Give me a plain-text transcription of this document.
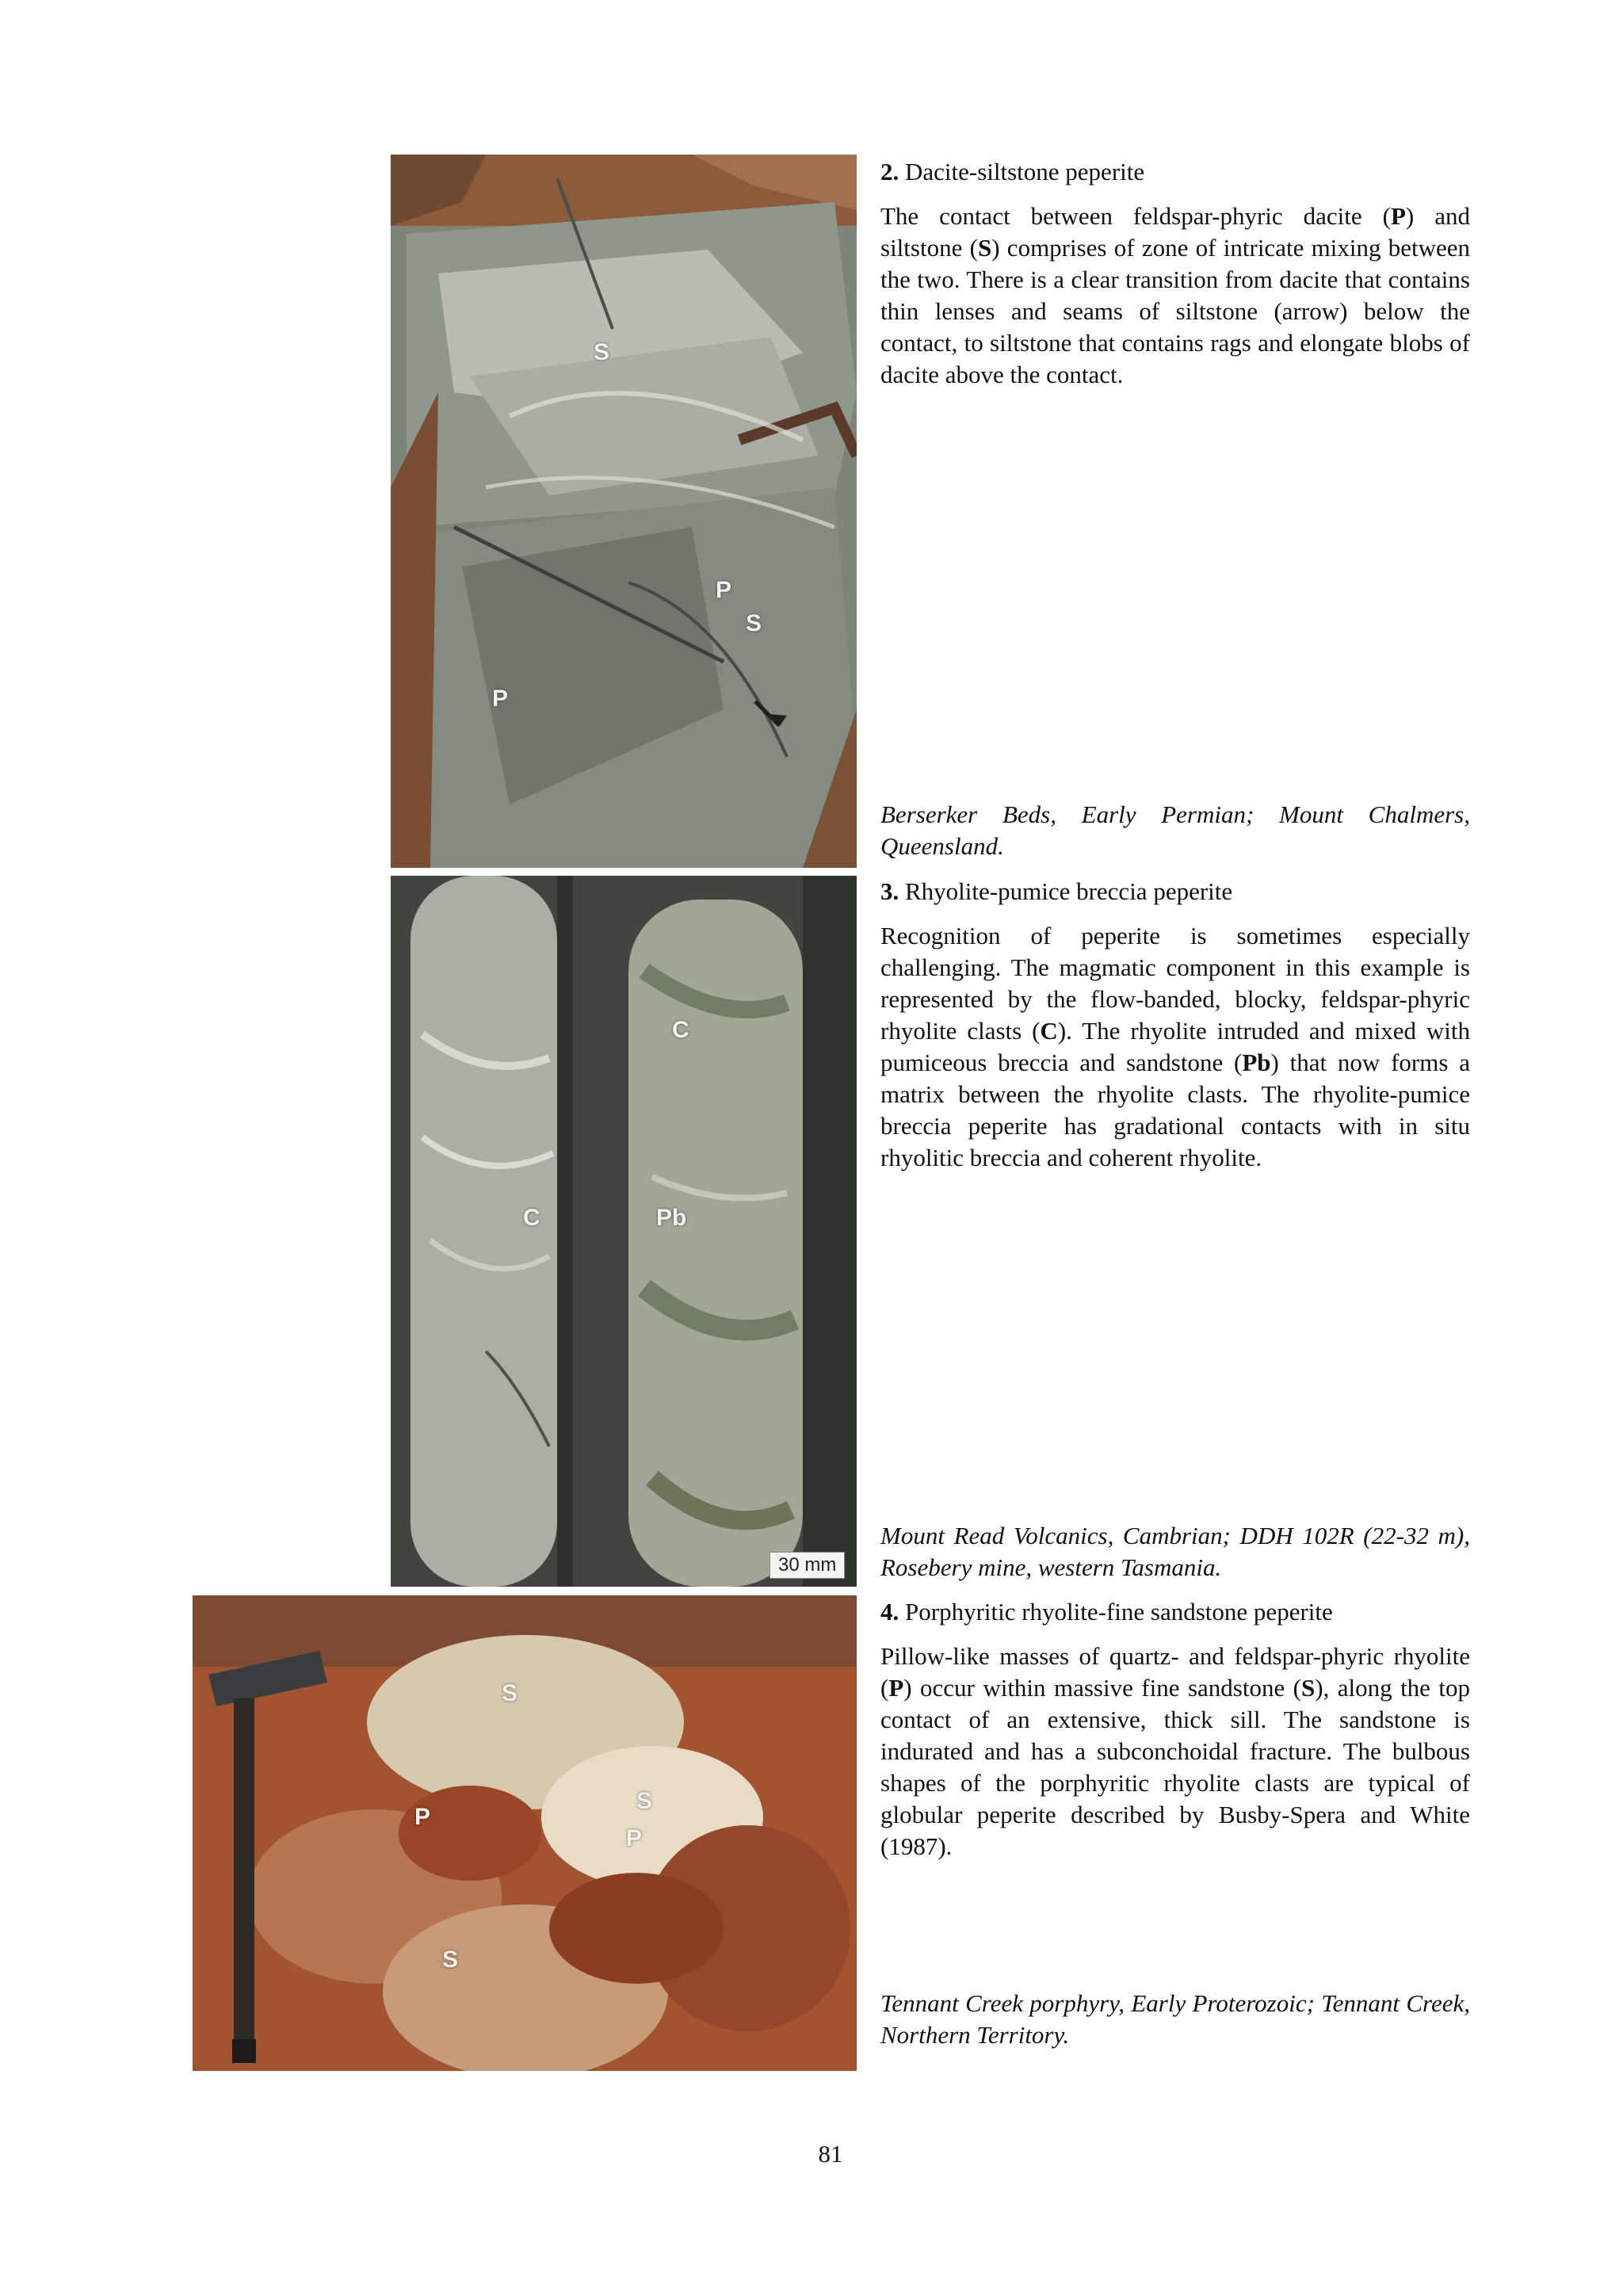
S
P
S
P
C
C	Pb
30 mm
S
S
P
P
S

2. Dacite-siltstone peperite

The contact between feldspar-phyric dacite (P) and siltstone (S) comprises of zone of intricate mixing between the two. There is a clear transition from dacite that contains thin lenses and seams of siltstone (arrow) below the contact, to siltstone that contains rags and elongate blobs of dacite above the contact.

Berserker Beds, Early Permian; Mount Chalmers, Queensland.

3. Rhyolite-pumice breccia peperite

Recognition of peperite is sometimes especially challenging. The magmatic component in this example is represented by the flow-banded, blocky, feldspar-phyric rhyolite clasts (C). The rhyolite intruded and mixed with pumiceous breccia and sandstone (Pb) that now forms a matrix between the rhyolite clasts. The rhyolite-pumice breccia peperite has gradational contacts with in situ rhyolitic breccia and coherent rhyolite.

Mount Read Volcanics, Cambrian; DDH 102R (22-32 m), Rosebery mine, western Tasmania.

4. Porphyritic rhyolite-fine sandstone peperite

Pillow-like masses of quartz- and feldspar-phyric rhyolite (P) occur within massive fine sandstone (S), along the top contact of an extensive, thick sill. The sandstone is indurated and has a subconchoidal fracture. The bulbous shapes of the porphyritic rhyolite clasts are typical of globular peperite described by Busby-Spera and White (1987).

Tennant Creek porphyry, Early Proterozoic; Tennant Creek, Northern Territory.
81
